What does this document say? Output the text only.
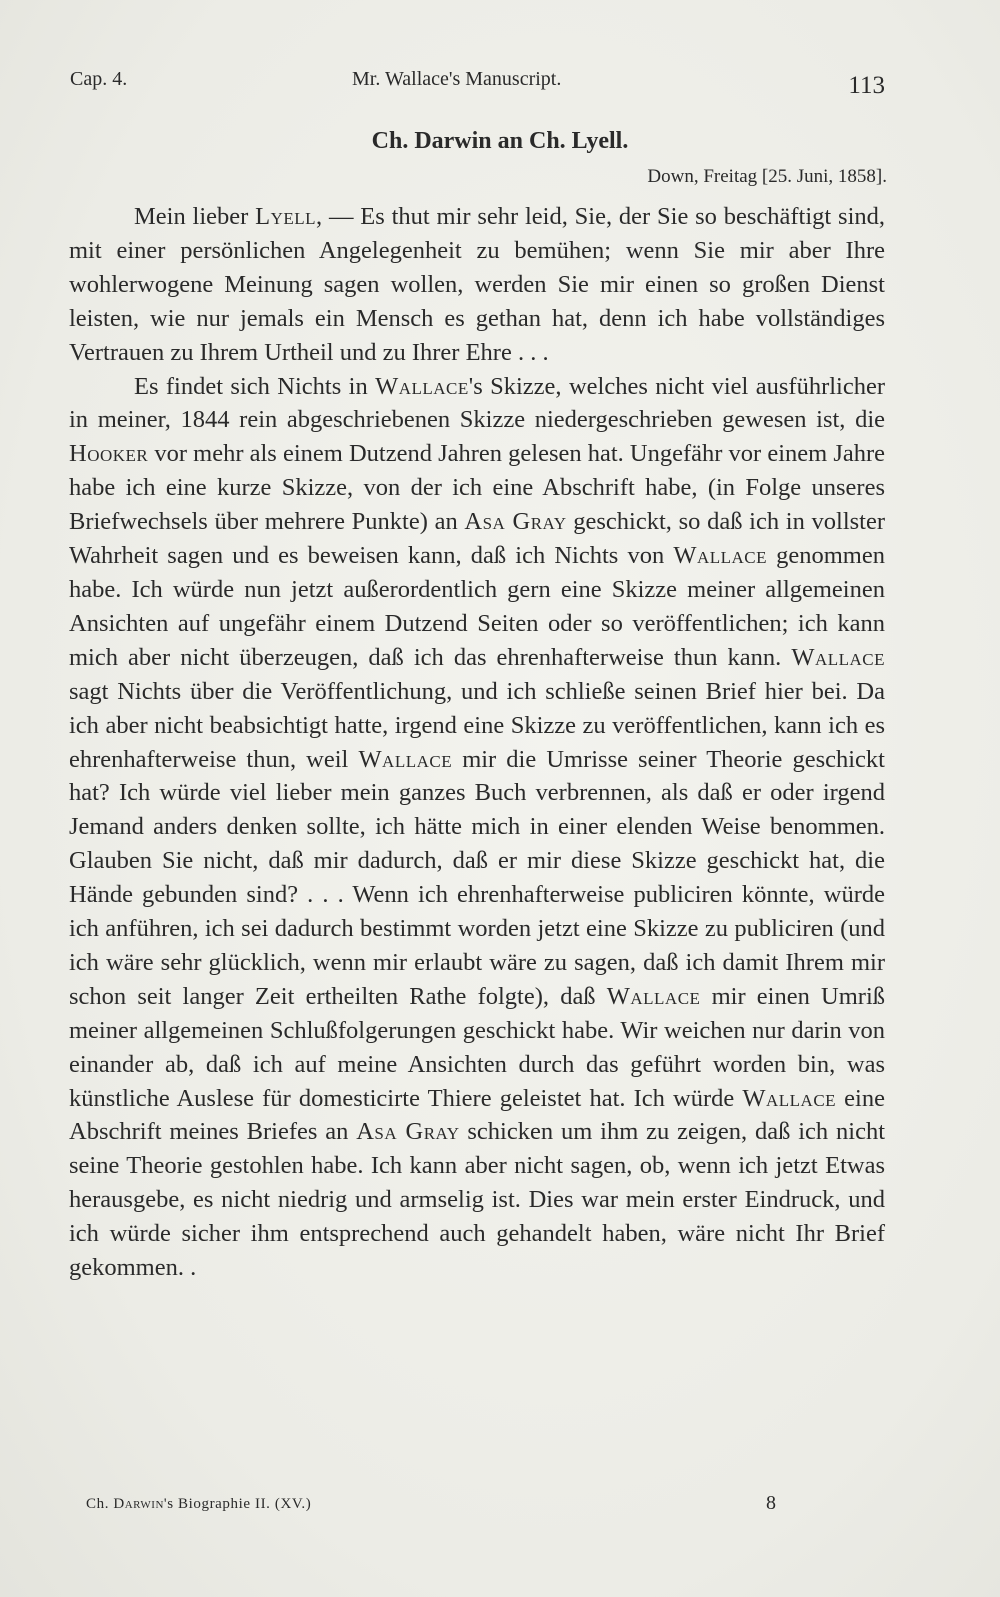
Cap. 4.	Mr. Wallace's Manuscript.	113
Ch. Darwin an Ch. Lyell.
Down, Freitag [25. Juni, 1858].

Mein lieber Lyell, — Es thut mir sehr leid, Sie, der Sie so beschäftigt sind, mit einer persönlichen Angelegenheit zu bemühen; wenn Sie mir aber Ihre wohlerwogene Meinung sagen wollen, werden Sie mir einen so großen Dienst leisten, wie nur jemals ein Mensch es gethan hat, denn ich habe vollständiges Vertrauen zu Ihrem Urtheil und zu Ihrer Ehre . . .

Es findet sich Nichts in Wallace's Skizze, welches nicht viel ausführlicher in meiner, 1844 rein abgeschriebenen Skizze niedergeschrieben gewesen ist, die Hooker vor mehr als einem Dutzend Jahren gelesen hat. Ungefähr vor einem Jahre habe ich eine kurze Skizze, von der ich eine Abschrift habe, (in Folge unseres Briefwechsels über mehrere Punkte) an Asa Gray geschickt, so daß ich in vollster Wahrheit sagen und es beweisen kann, daß ich Nichts von Wallace genommen habe. Ich würde nun jetzt außerordentlich gern eine Skizze meiner allgemeinen Ansichten auf ungefähr einem Dutzend Seiten oder so veröffentlichen; ich kann mich aber nicht überzeugen, daß ich das ehrenhafterweise thun kann. Wallace sagt Nichts über die Veröffentlichung, und ich schließe seinen Brief hier bei. Da ich aber nicht beabsichtigt hatte, irgend eine Skizze zu veröffentlichen, kann ich es ehrenhafterweise thun, weil Wallace mir die Umrisse seiner Theorie geschickt hat? Ich würde viel lieber mein ganzes Buch verbrennen, als daß er oder irgend Jemand anders denken sollte, ich hätte mich in einer elenden Weise benommen. Glauben Sie nicht, daß mir dadurch, daß er mir diese Skizze geschickt hat, die Hände gebunden sind? . . . Wenn ich ehrenhafterweise publiciren könnte, würde ich anführen, ich sei dadurch bestimmt worden jetzt eine Skizze zu publiciren (und ich wäre sehr glücklich, wenn mir erlaubt wäre zu sagen, daß ich damit Ihrem mir schon seit langer Zeit ertheilten Rathe folgte), daß Wallace mir einen Umriß meiner allgemeinen Schlußfolgerungen geschickt habe. Wir weichen nur darin von einander ab, daß ich auf meine Ansichten durch das geführt worden bin, was künstliche Auslese für domesticirte Thiere geleistet hat. Ich würde Wallace eine Abschrift meines Briefes an Asa Gray schicken um ihm zu zeigen, daß ich nicht seine Theorie gestohlen habe. Ich kann aber nicht sagen, ob, wenn ich jetzt Etwas herausgebe, es nicht niedrig und armselig ist. Dies war mein erster Eindruck, und ich würde sicher ihm entsprechend auch gehandelt haben, wäre nicht Ihr Brief gekommen. .

Ch. Darwin's Biographie II. (XV.)	8
